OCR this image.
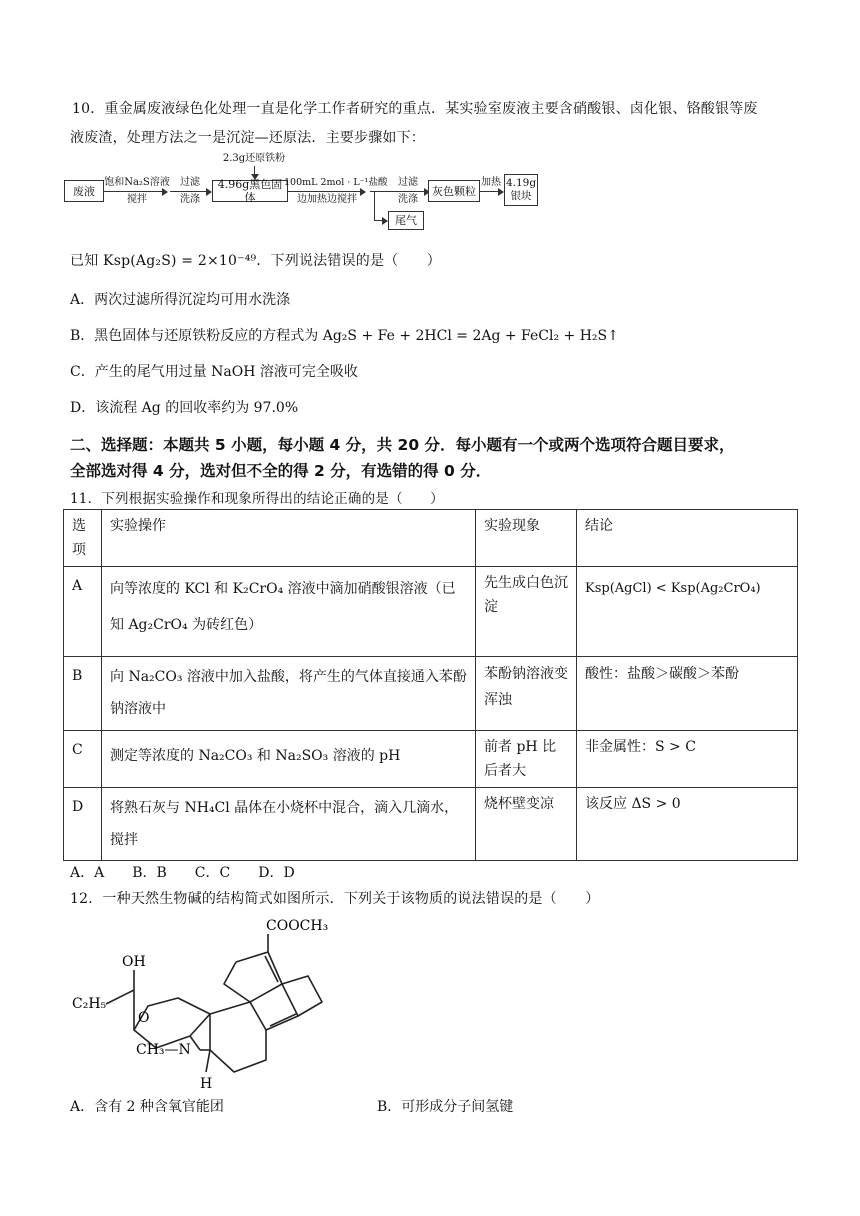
10．重金属废液绿色化处理一直是化学工作者研究的重点．某实验室废液主要含硝酸银、卤化银、铬酸银等废
液废渣，处理方法之一是沉淀—还原法．主要步骤如下：
废液
饱和Na₂S溶液
搅拌
过滤
洗涤
2.3g还原铁粉
4.96g黑色固体
100mL 2mol · L⁻¹盐酸
边加热边搅拌
过滤
洗涤
尾气
灰色颗粒
加热 4.19g 银块
已知 Ksp(Ag₂S) = 2×10⁻⁴⁹．下列说法错误的是（　　）
A．两次过滤所得沉淀均可用水洗涤
B．黑色固体与还原铁粉反应的方程式为 Ag₂S + Fe + 2HCl = 2Ag + FeCl₂ + H₂S↑
C．产生的尾气用过量 NaOH 溶液可完全吸收
D．该流程 Ag 的回收率约为 97.0%
二、选择题：本题共 5 小题，每小题 4 分，共 20 分．每小题有一个或两个选项符合题目要求，
全部选对得 4 分，选对但不全的得 2 分，有选错的得 0 分．
11．下列根据实验操作和现象所得出的结论正确的是（　　）
选项	实验操作	实验现象	结论
A	向等浓度的 KCl 和 K₂CrO₄ 溶液中滴加硝酸银溶液（已知 Ag₂CrO₄ 为砖红色）	先生成白色沉淀	Ksp(AgCl) < Ksp(Ag₂CrO₄)
B	向 Na₂CO₃ 溶液中加入盐酸，将产生的气体直接通入苯酚钠溶液中	苯酚钠溶液变浑浊	酸性：盐酸＞碳酸＞苯酚
C	测定等浓度的 Na₂CO₃ 和 Na₂SO₃ 溶液的 pH	前者 pH 比后者大	非金属性：S > C
D	将熟石灰与 NH₄Cl 晶体在小烧杯中混合，滴入几滴水，搅拌	烧杯壁变凉	该反应 ΔS > 0
A．A　　B．B　　C．C　　D．D
12．一种天然生物碱的结构简式如图所示．下列关于该物质的说法错误的是（　　）
COOCH₃
OH
C₂H₅
O
CH₃—N
H
A．含有 2 种含氧官能团	B．可形成分子间氢键
